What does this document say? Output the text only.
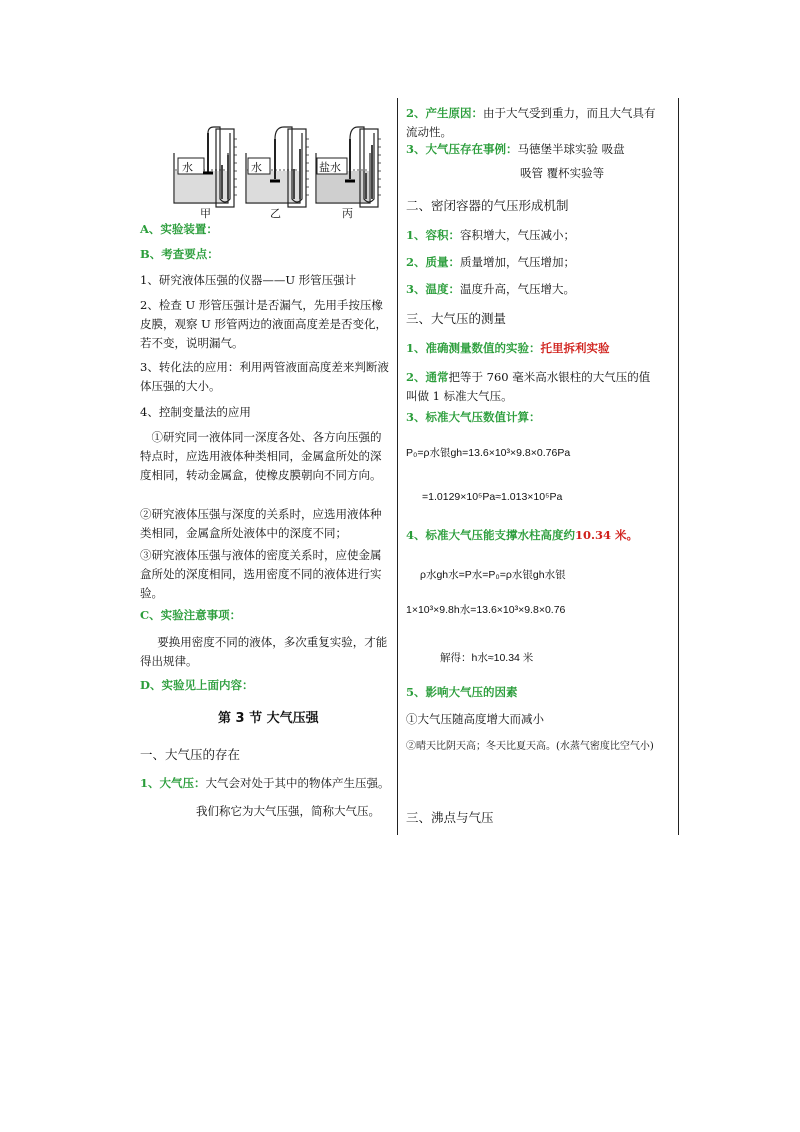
水	水	盐水
甲	乙	丙
A、实验装置：
B、考查要点：
1、研究液体压强的仪器——U 形管压强计
2、检查 U 形管压强计是否漏气，先用手按压橡皮膜，观察 U 形管两边的液面高度差是否变化，若不变，说明漏气。
3、转化法的应用：利用两管液面高度差来判断液体压强的大小。
4、控制变量法的应用
①研究同一液体同一深度各处、各方向压强的特点时，应选用液体种类相同，金属盒所处的深度相同，转动金属盒，使橡皮膜朝向不同方向。
②研究液体压强与深度的关系时，应选用液体种类相同，金属盒所处液体中的深度不同；
③研究液体压强与液体的密度关系时，应使金属盒所处的深度相同，选用密度不同的液体进行实验。
C、实验注意事项：
要换用密度不同的液体，多次重复实验，才能得出规律。
D、实验见上面内容：
第 3 节 大气压强
一、大气压的存在
1、大气压：大气会对处于其中的物体产生压强。
我们称它为大气压强，简称大气压。
2、产生原因：由于大气受到重力，而且大气具有流动性。
3、大气压存在事例：马德堡半球实验 吸盘
吸管 覆杯实验等
二、密闭容器的气压形成机制
1、容积：容积增大，气压减小；
2、质量：质量增加，气压增加；
3、温度：温度升高，气压增大。
三、大气压的测量
1、准确测量数值的实验：托里拆利实验
2、通常把等于 760 毫米高水银柱的大气压的值叫做 1 标准大气压。
3、标准大气压数值计算：
P₀=ρ水银gh=13.6×10³×9.8×0.76Pa
=1.0129×10⁵Pa≈1.013×10⁵Pa
4、标准大气压能支撑水柱高度约10.34 米。
ρ水gh水=P水=P₀=ρ水银gh水银
1×10³×9.8h水=13.6×10³×9.8×0.76
解得：h水≈10.34 米
5、影响大气压的因素
①大气压随高度增大而减小
②晴天比阴天高；冬天比夏天高。(水蒸气密度比空气小)
三、沸点与气压
